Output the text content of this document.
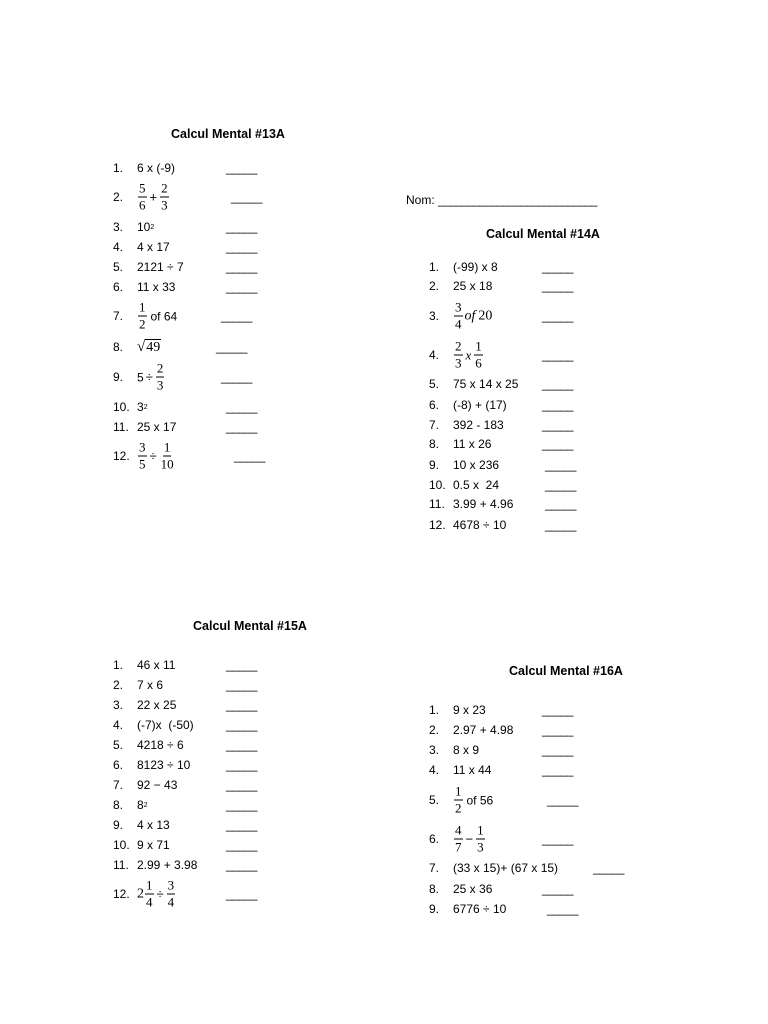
Calcul Mental #13A
1.	6 x (-9)	_____
2.	$\frac{5}{6} + \frac{2}{3}$	_____
3.	10 2	_____
4.	4 x 17	_____
5.	2121 ÷ 7	_____
6.	11 x 33	_____
7.	$\frac{1}{2}$ of 64	_____
8. √ 49	_____
9.	$5 \div \frac{2}{3}$	_____
10. 3 2	_____
11. 25 x 17	_____
12. $\frac{3}{5} \div \frac{1}{10}$	_____
Nom: ___________________________
Calcul Mental #14A
1.	(-99) x 8	_____
2.	25 x 18	_____
3.	$\frac{3}{4}$ of 20	_____
4.	$\frac{2}{3}$ x $\frac{1}{6}$	_____
5.	75 x 14 x 25 _____
6.	(-8) + (17)	_____
7.	392 - 183	_____
8.	11 x 26	_____
9.	10 x 236	_____
10. 0.5 x  24	_____
11. 3.99 + 4.96	_____
12. 4678 ÷ 10	_____
Calcul Mental #15A
1.	46 x 11	_____
2.	7 x 6	_____
3.	22 x 25	_____
4.	(-7)x  (-50)	_____
5.	4218 ÷ 6	_____
6.	8123 ÷ 10	_____
7.	92 − 43	_____
8.	8 2	_____
9.	4 x 13	_____
10. 9 x 71	_____
11. 2.99 + 3.98 _____
12. $2 \frac{1}{4} \div \frac{3}{4}$	_____
Calcul Mental #16A
1.	9 x 23	_____
2.	2.97 + 4.98 _____
3.	8 x 9	_____
4.	11 x 44	_____
5.	$\frac{1}{2}$ of 56	_____
6.	$\frac{4}{7} - \frac{1}{3}$	_____
7.	(33 x 15)+ (67 x 15)	_____
8.	25 x 36	_____
9.	6776 ÷ 10	_____
